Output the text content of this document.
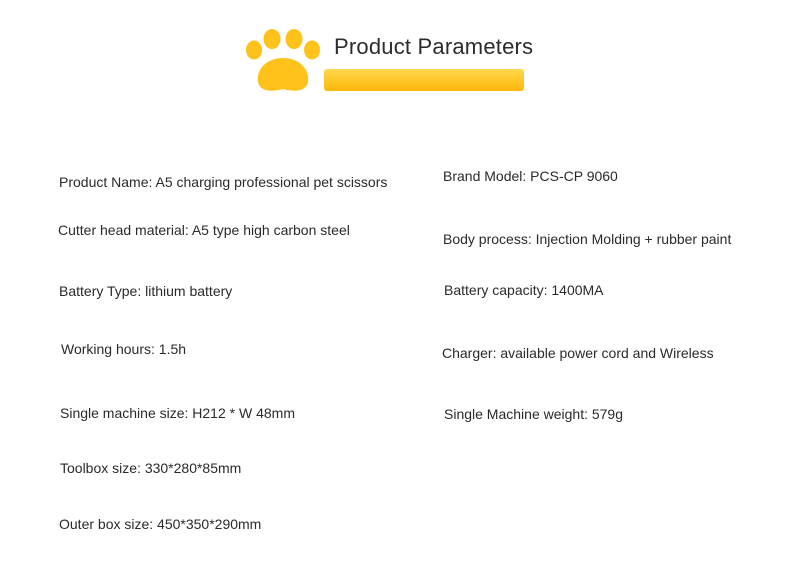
Product Parameters
Product Name: A5 charging professional pet scissors
Cutter head material: A5 type high carbon steel
Battery Type: lithium battery
Working hours: 1.5h
Single machine size: H212 * W 48mm
Toolbox size: 330*280*85mm
Outer box size: 450*350*290mm
Brand Model: PCS-CP 9060
Body process: Injection Molding + rubber paint
Battery capacity: 1400MA
Charger: available power cord and Wireless
Single Machine weight: 579g
